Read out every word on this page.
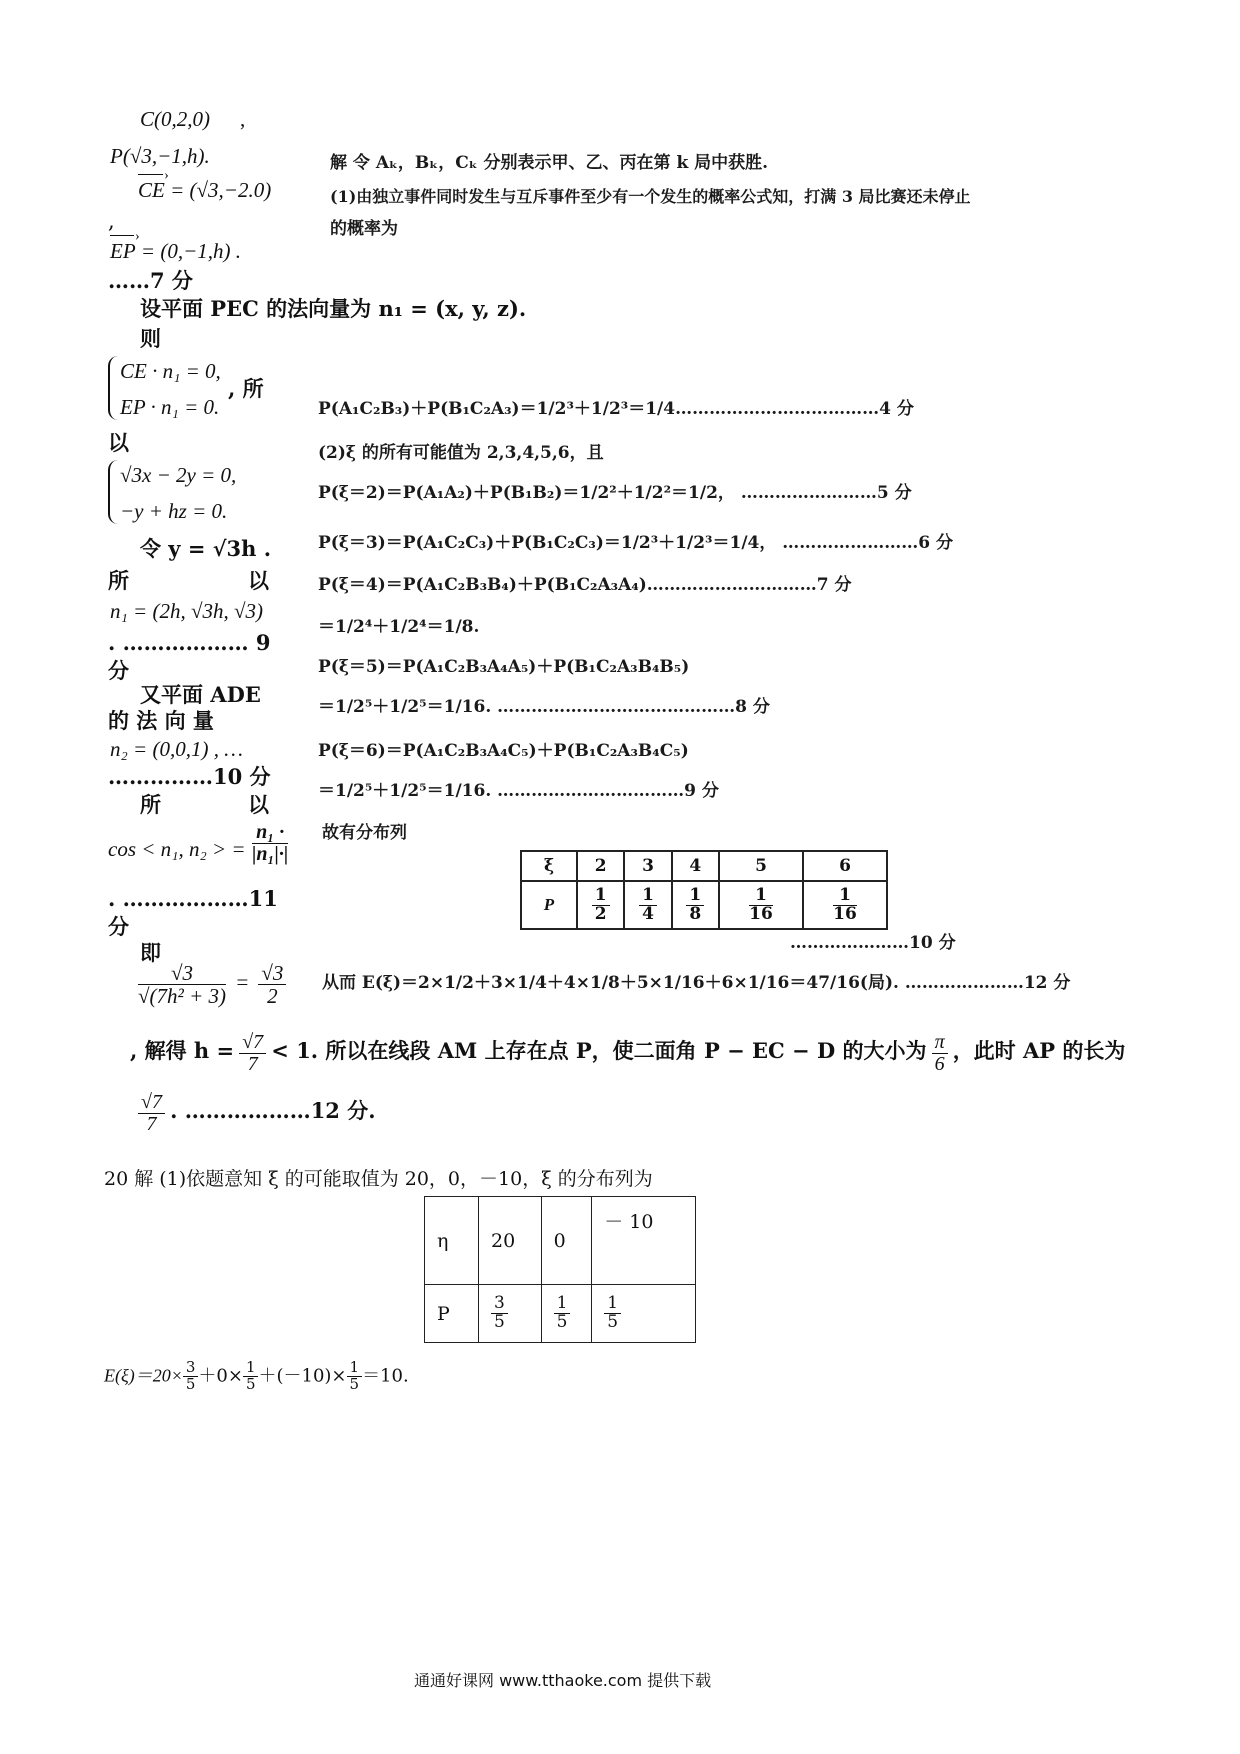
C(0,2,0) ,
P(√3,−1,h).
CE › = (√3,−2.0)
,
EP › = (0,−1,h) .
……7 分
设平面 PEC 的法向量为 n₁ = (x, y, z).
则
CE · n₁ = 0,
EP · n₁ = 0.
, 所
以
√3x − 2y = 0,
−y + hz = 0.
令 y = √3h .
所	以
n₁ = (2h, √3h, √3)
. ……………… 9
分
又平面 ADE
的 法 向 量
n₂ = (0,0,1) , …
……………10 分
所	以
cos < n₁, n₂ > = $\frac{\text{n₁ ·}}{\text{|n₁|·|}}$
. ………………11
分
即
$\frac{√3}{\text{√(7h² + 3)}} = \frac{√3}{2}$
, 解得 $h = \frac{√7}{7} < 1$. 所以在线段 AM 上存在点 P，使二面角 P − EC − D 的大小为 $\frac{\pi}{6}$ ，此时 AP 的长为
$\frac{√7}{7}$ . ………………12 分.
解 令 Aₖ，Bₖ，Cₖ 分别表示甲、乙、丙在第 k 局中获胜.
(1)由独立事件同时发生与互斥事件至少有一个发生的概率公式知，打满 3 局比赛还未停止
的概率为
P(A₁C₂B₃)＋P(B₁C₂A₃)＝1/2³＋1/2³＝1/4………………………………4 分
(2)ξ 的所有可能值为 2,3,4,5,6，且
P(ξ＝2)＝P(A₁A₂)＋P(B₁B₂)＝1/2²＋1/2²＝1/2， ……………………5 分
P(ξ＝3)＝P(A₁C₂C₃)＋P(B₁C₂C₃)＝1/2³＋1/2³＝1/4， ……………………6 分
P(ξ＝4)＝P(A₁C₂B₃B₄)＋P(B₁C₂A₃A₄)…………………………7 分
＝1/2⁴＋1/2⁴＝1/8.
P(ξ＝5)＝P(A₁C₂B₃A₄A₅)＋P(B₁C₂A₃B₄B₅)
＝1/2⁵＋1/2⁵＝1/16. ……………………………………8 分
P(ξ＝6)＝P(A₁C₂B₃A₄C₅)＋P(B₁C₂A₃B₄C₅)
＝1/2⁵＋1/2⁵＝1/16. ……………………………9 分
故有分布列
ξ	2	3	4	5	6
P	$\frac{1}{2}$	$\frac{1}{4}$	$\frac{1}{8}$	$\frac{1}{16}$	$\frac{1}{16}$
…………………10 分
从而 E(ξ)＝2×1/2＋3×1/4＋4×1/8＋5×1/16＋6×1/16＝47/16(局). …………………12 分
20 解 (1)依题意知 ξ 的可能取值为 20，0，－10，ξ 的分布列为
η	20	0	－ 10
P	$\frac{3}{5}$	$\frac{1}{5}$	$\frac{1}{5}$
$E(\xi)=20\times \frac{3}{5} +0\times \frac{1}{5} +(-10)\times \frac{1}{5} =10$.
通通好课网 www.tthaoke.com 提供下载
